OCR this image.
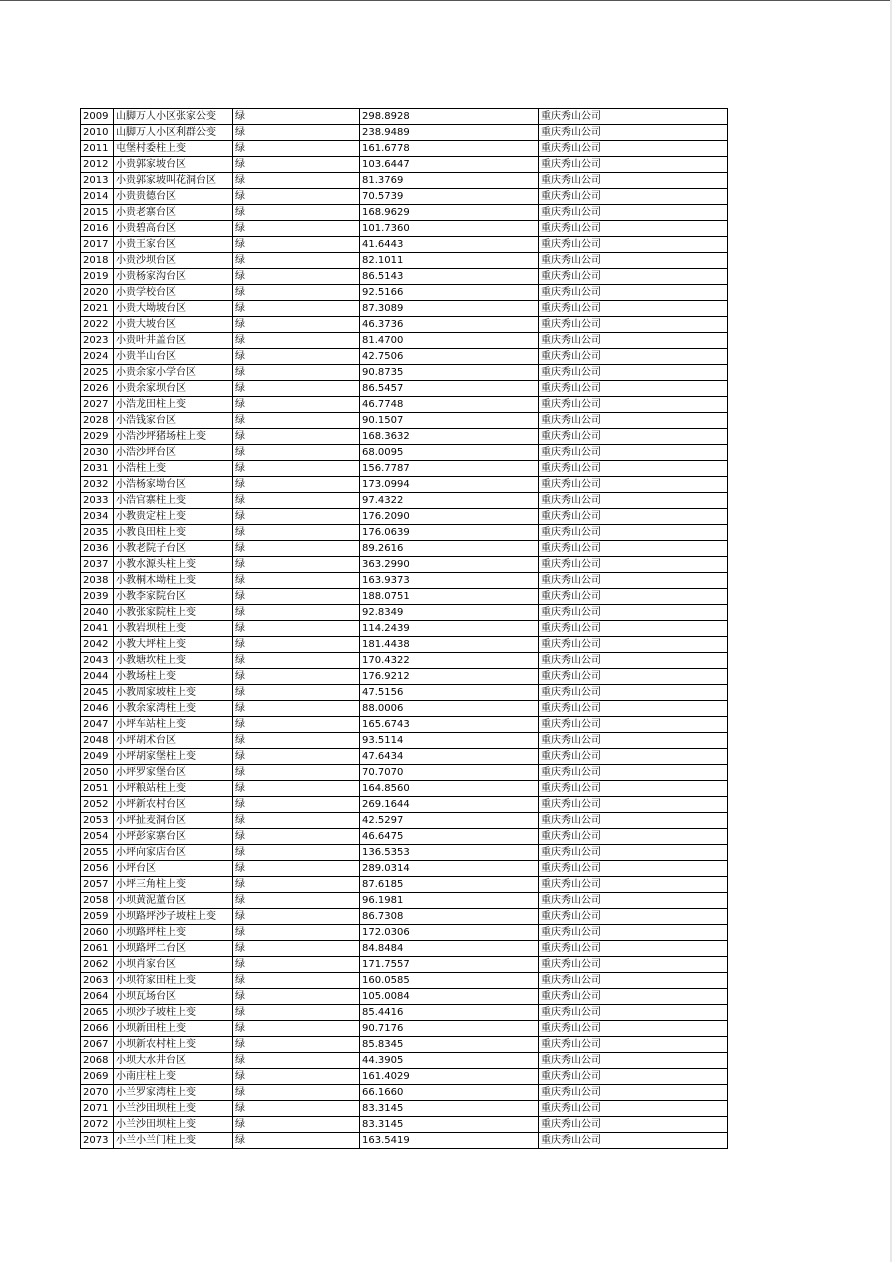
2009	山脚万人小区张家公变	绿	298.8928	重庆秀山公司
2010	山脚万人小区利群公变	绿	238.9489	重庆秀山公司
2011	屯堡村委柱上变	绿	161.6778	重庆秀山公司
2012	小贵郭家坡台区	绿	103.6447	重庆秀山公司
2013	小贵郭家坡叫花洞台区	绿	81.3769	重庆秀山公司
2014	小贵贵德台区	绿	70.5739	重庆秀山公司
2015	小贵老寨台区	绿	168.9629	重庆秀山公司
2016	小贵碧高台区	绿	101.7360	重庆秀山公司
2017	小贵王家台区	绿	41.6443	重庆秀山公司
2018	小贵沙坝台区	绿	82.1011	重庆秀山公司
2019	小贵杨家沟台区	绿	86.5143	重庆秀山公司
2020	小贵学校台区	绿	92.5166	重庆秀山公司
2021	小贵大坳坡台区	绿	87.3089	重庆秀山公司
2022	小贵大坡台区	绿	46.3736	重庆秀山公司
2023	小贵叶井盖台区	绿	81.4700	重庆秀山公司
2024	小贵半山台区	绿	42.7506	重庆秀山公司
2025	小贵余家小学台区	绿	90.8735	重庆秀山公司
2026	小贵余家坝台区	绿	86.5457	重庆秀山公司
2027	小浩龙田柱上变	绿	46.7748	重庆秀山公司
2028	小浩钱家台区	绿	90.1507	重庆秀山公司
2029	小浩沙坪猪场柱上变	绿	168.3632	重庆秀山公司
2030	小浩沙坪台区	绿	68.0095	重庆秀山公司
2031	小浩柱上变	绿	156.7787	重庆秀山公司
2032	小浩杨家坳台区	绿	173.0994	重庆秀山公司
2033	小浩官寨柱上变	绿	97.4322	重庆秀山公司
2034	小教贵定柱上变	绿	176.2090	重庆秀山公司
2035	小教良田柱上变	绿	176.0639	重庆秀山公司
2036	小教老院子台区	绿	89.2616	重庆秀山公司
2037	小教水源头柱上变	绿	363.2990	重庆秀山公司
2038	小教桐木坳柱上变	绿	163.9373	重庆秀山公司
2039	小教李家院台区	绿	188.0751	重庆秀山公司
2040	小教张家院柱上变	绿	92.8349	重庆秀山公司
2041	小教岩坝柱上变	绿	114.2439	重庆秀山公司
2042	小教大坪柱上变	绿	181.4438	重庆秀山公司
2043	小教塘坎柱上变	绿	170.4322	重庆秀山公司
2044	小教场柱上变	绿	176.9212	重庆秀山公司
2045	小教周家坡柱上变	绿	47.5156	重庆秀山公司
2046	小教余家湾柱上变	绿	88.0006	重庆秀山公司
2047	小坪车站柱上变	绿	165.6743	重庆秀山公司
2048	小坪胡术台区	绿	93.5114	重庆秀山公司
2049	小坪胡家堡柱上变	绿	47.6434	重庆秀山公司
2050	小坪罗家堡台区	绿	70.7070	重庆秀山公司
2051	小坪粮站柱上变	绿	164.8560	重庆秀山公司
2052	小坪新农村台区	绿	269.1644	重庆秀山公司
2053	小坪扯麦洞台区	绿	42.5297	重庆秀山公司
2054	小坪彭家寨台区	绿	46.6475	重庆秀山公司
2055	小坪向家店台区	绿	136.5353	重庆秀山公司
2056	小坪台区	绿	289.0314	重庆秀山公司
2057	小坪三角柱上变	绿	87.6185	重庆秀山公司
2058	小坝黄泥董台区	绿	96.1981	重庆秀山公司
2059	小坝路坪沙子坡柱上变	绿	86.7308	重庆秀山公司
2060	小坝路坪柱上变	绿	172.0306	重庆秀山公司
2061	小坝路坪二台区	绿	84.8484	重庆秀山公司
2062	小坝肖家台区	绿	171.7557	重庆秀山公司
2063	小坝符家田柱上变	绿	160.0585	重庆秀山公司
2064	小坝瓦场台区	绿	105.0084	重庆秀山公司
2065	小坝沙子坡柱上变	绿	85.4416	重庆秀山公司
2066	小坝新田柱上变	绿	90.7176	重庆秀山公司
2067	小坝新农村柱上变	绿	85.8345	重庆秀山公司
2068	小坝大水井台区	绿	44.3905	重庆秀山公司
2069	小南庄柱上变	绿	161.4029	重庆秀山公司
2070	小兰罗家湾柱上变	绿	66.1660	重庆秀山公司
2071	小兰沙田坝柱上变	绿	83.3145	重庆秀山公司
2072	小兰沙田坝柱上变	绿	83.3145	重庆秀山公司
2073	小兰小兰门柱上变	绿	163.5419	重庆秀山公司
